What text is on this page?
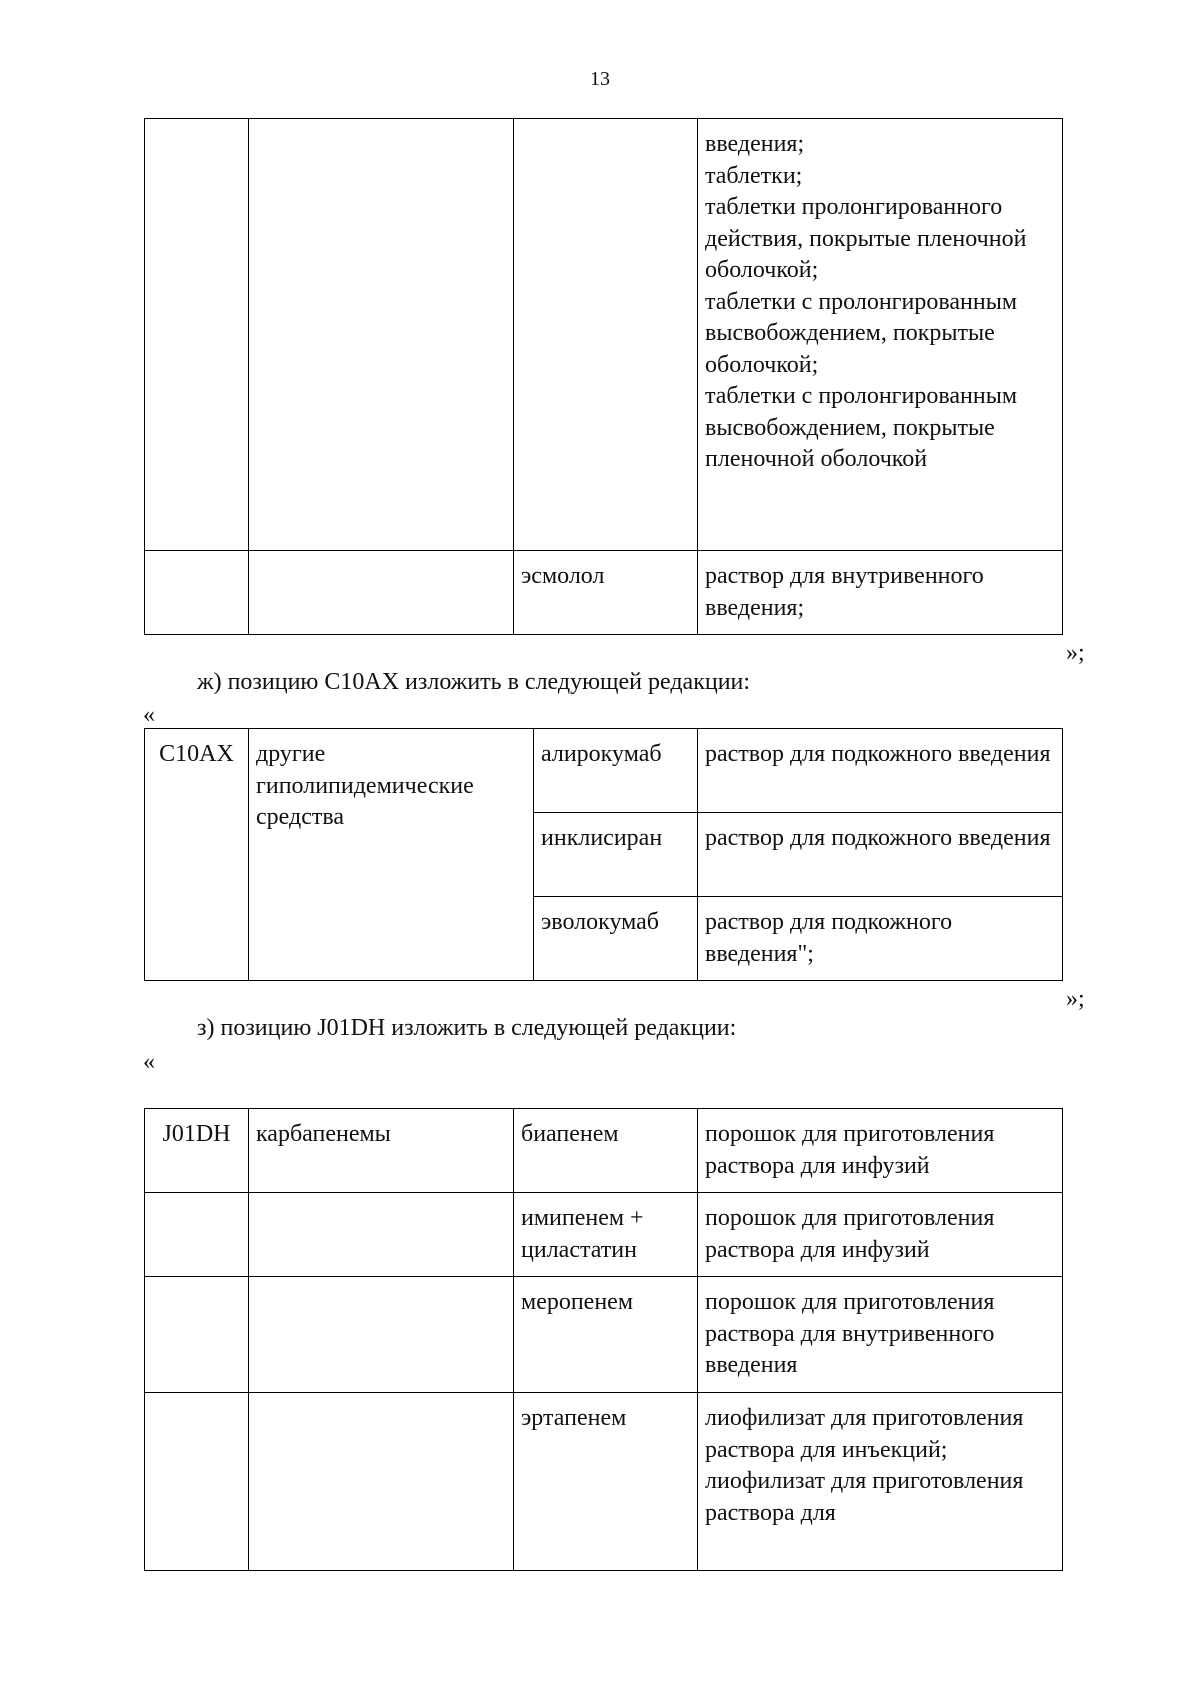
13
			введения;
таблетки;
таблетки пролонгированного действия, покрытые пленочной оболочкой;
таблетки с пролонгированным высвобождением, покрытые оболочкой;
таблетки с пролонгированным высвобождением, покрытые пленочной оболочкой
		эсмолол	раствор для внутривенного введения;
»;
ж) позицию C10AX изложить в следующей редакции:
«
C10AX	другие гиполипидемические средства	алирокумаб	раствор для подкожного введения
		инклисиран	раствор для подкожного введения
		эволокумаб	раствор для подкожного введения";
»;
з) позицию J01DH изложить в следующей редакции:
«
J01DH	карбапенемы	биапенем	порошок для приготовления раствора для инфузий
		имипенем + циластатин	порошок для приготовления раствора для инфузий
		меропенем	порошок для приготовления раствора для внутривенного введения
		эртапенем	лиофилизат для приготовления раствора для инъекций;
лиофилизат для приготовления раствора для
